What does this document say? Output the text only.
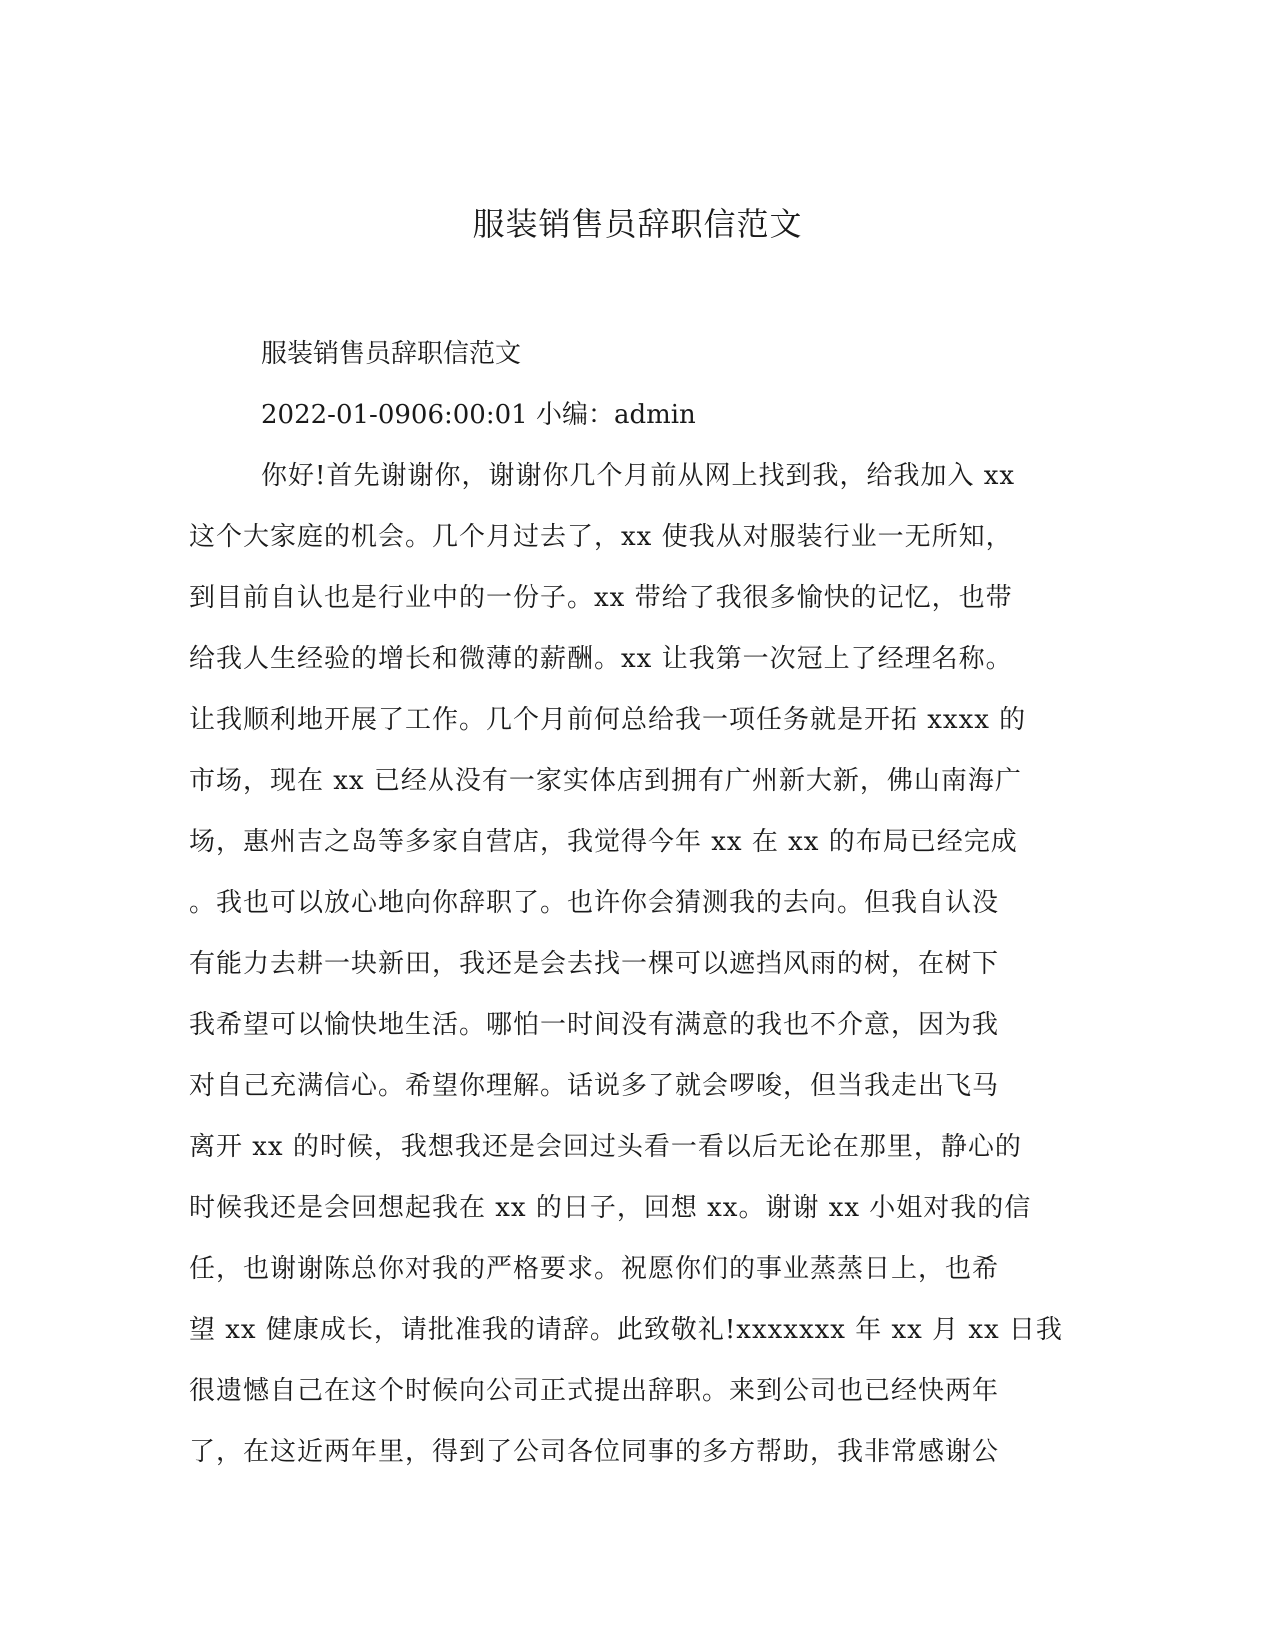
服装销售员辞职信范文
服装销售员辞职信范文
2022-01-0906:00:01 小编：admin
你好!首先谢谢你，谢谢你几个月前从网上找到我，给我加入 xx
这个大家庭的机会。几个月过去了，xx 使我从对服装行业一无所知，
到目前自认也是行业中的一份子。xx 带给了我很多愉快的记忆，也带
给我人生经验的增长和微薄的薪酬。xx 让我第一次冠上了经理名称。
让我顺利地开展了工作。几个月前何总给我一项任务就是开拓 xxxx 的
市场，现在 xx 已经从没有一家实体店到拥有广州新大新，佛山南海广
场，惠州吉之岛等多家自营店，我觉得今年 xx 在 xx 的布局已经完成
。我也可以放心地向你辞职了。也许你会猜测我的去向。但我自认没
有能力去耕一块新田，我还是会去找一棵可以遮挡风雨的树，在树下
我希望可以愉快地生活。哪怕一时间没有满意的我也不介意，因为我
对自己充满信心。希望你理解。话说多了就会啰唆，但当我走出飞马
离开 xx 的时候，我想我还是会回过头看一看以后无论在那里，静心的
时候我还是会回想起我在 xx 的日子，回想 xx。谢谢 xx 小姐对我的信
任，也谢谢陈总你对我的严格要求。祝愿你们的事业蒸蒸日上，也希
望 xx 健康成长，请批准我的请辞。此致敬礼!xxxxxxx 年 xx 月 xx 日我
很遗憾自己在这个时候向公司正式提出辞职。来到公司也已经快两年
了，在这近两年里，得到了公司各位同事的多方帮助，我非常感谢公
